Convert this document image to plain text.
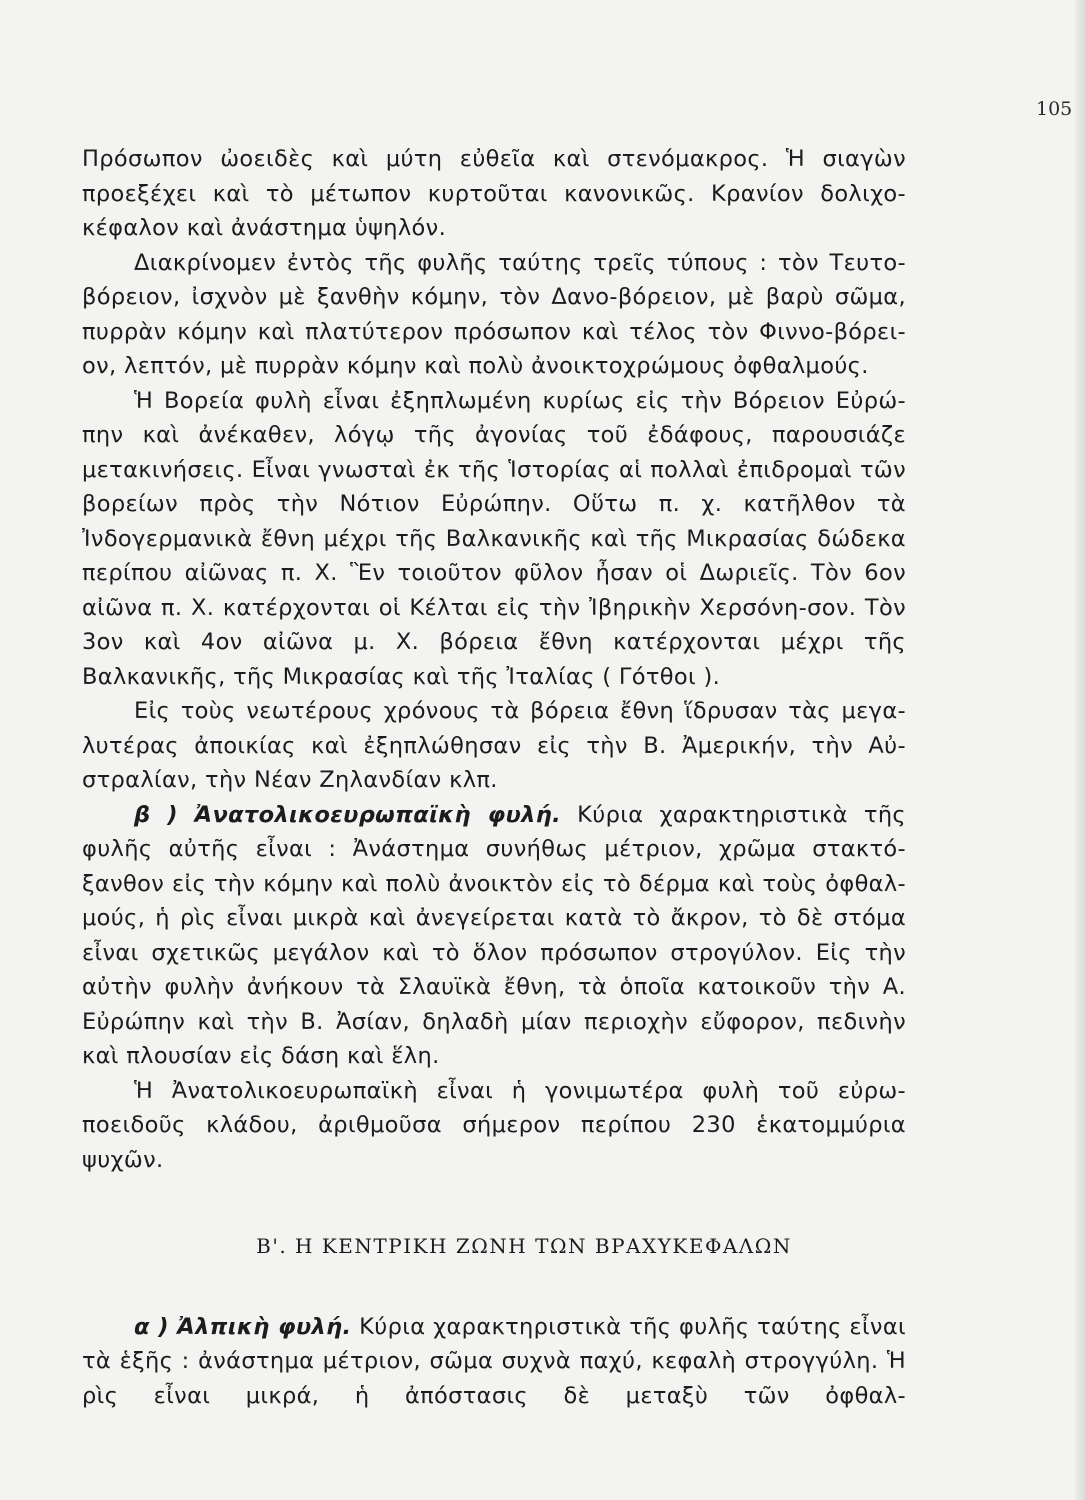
105

Πρόσωπον ὠοειδὲς καὶ μύτη εὐθεῖα καὶ στενόμακρος. Ἡ σιαγὼν προεξέχει καὶ τὸ μέτωπον κυρτοῦται κανονικῶς. Κρανίον δολιχο-κέφαλον καὶ ἀνάστημα ὑψηλόν.

Διακρίνομεν ἐντὸς τῆς φυλῆς ταύτης τρεῖς τύπους : τὸν Τευτο-βόρειον, ἰσχνὸν μὲ ξανθὴν κόμην, τὸν Δανο-βόρειον, μὲ βαρὺ σῶμα, πυρρὰν κόμην καὶ πλατύτερον πρόσωπον καὶ τέλος τὸν Φιννο-βόρει-ον, λεπτόν, μὲ πυρρὰν κόμην καὶ πολὺ ἀνοικτοχρώμους ὀφθαλμούς.

Ἡ Βορεία φυλὴ εἶναι ἐξηπλωμένη κυρίως εἰς τὴν Βόρειον Εὐρώ-πην καὶ ἀνέκαθεν, λόγῳ τῆς ἀγονίας τοῦ ἐδάφους, παρουσιάζε μετακινήσεις. Εἶναι γνωσταὶ ἐκ τῆς Ἱστορίας αἱ πολλαὶ ἐπιδρομαὶ τῶν βορείων πρὸς τὴν Νότιον Εὐρώπην. Οὕτω π. χ. κατῆλθον τὰ Ἰνδογερμανικὰ ἔθνη μέχρι τῆς Βαλκανικῆς καὶ τῆς Μικρασίας δώδεκα περίπου αἰῶνας π. Χ. Ἓν τοιοῦτον φῦλον ἦσαν οἱ Δωριεῖς. Τὸν 6ον αἰῶνα π. Χ. κατέρχονται οἱ Κέλται εἰς τὴν Ἰβηρικὴν Χερσόνη-σον. Τὸν 3ον καὶ 4ον αἰῶνα μ. Χ. βόρεια ἔθνη κατέρχονται μέχρι τῆς Βαλκανικῆς, τῆς Μικρασίας καὶ τῆς Ἰταλίας ( Γότθοι ).

Εἰς τοὺς νεωτέρους χρόνους τὰ βόρεια ἔθνη ἵδρυσαν τὰς μεγα-λυτέρας ἀποικίας καὶ ἐξηπλώθησαν εἰς τὴν Β. Ἀμερικήν, τὴν Αὐ-στραλίαν, τὴν Νέαν Ζηλανδίαν κλπ.

β ) Ἀνατολικοευρωπαϊκὴ φυλή. Κύρια χαρακτηριστικὰ τῆς φυλῆς αὐτῆς εἶναι : Ἀνάστημα συνήθως μέτριον, χρῶμα στακτό-ξανθον εἰς τὴν κόμην καὶ πολὺ ἀνοικτὸν εἰς τὸ δέρμα καὶ τοὺς ὀφθαλ-μούς, ἡ ρὶς εἶναι μικρὰ καὶ ἀνεγείρεται κατὰ τὸ ἄκρον, τὸ δὲ στόμα εἶναι σχετικῶς μεγάλον καὶ τὸ ὅλον πρόσωπον στρογύλον. Εἰς τὴν αὐτὴν φυλὴν ἀνήκουν τὰ Σλαυϊκὰ ἔθνη, τὰ ὁποῖα κατοικοῦν τὴν Α. Εὐρώπην καὶ τὴν Β. Ἀσίαν, δηλαδὴ μίαν περιοχὴν εὔφορον, πεδινὴν καὶ πλουσίαν εἰς δάση καὶ ἕλη.

Ἡ Ἀνατολικοευρωπαϊκὴ εἶναι ἡ γονιμωτέρα φυλὴ τοῦ εὐρω-ποειδοῦς κλάδου, ἀριθμοῦσα σήμερον περίπου 230 ἑκατομμύρια ψυχῶν.

Β'. Η ΚΕΝΤΡΙΚΗ ΖΩΝΗ ΤΩΝ ΒΡΑΧΥΚΕΦΑΛΩΝ

α ) Ἀλπικὴ φυλή. Κύρια χαρακτηριστικὰ τῆς φυλῆς ταύτης εἶναι τὰ ἑξῆς : ἀνάστημα μέτριον, σῶμα συχνὰ παχύ, κεφαλὴ στρογγύλη. Ἡ ρὶς εἶναι μικρά, ἡ ἀπόστασις δὲ μεταξὺ τῶν ὀφθαλ-
